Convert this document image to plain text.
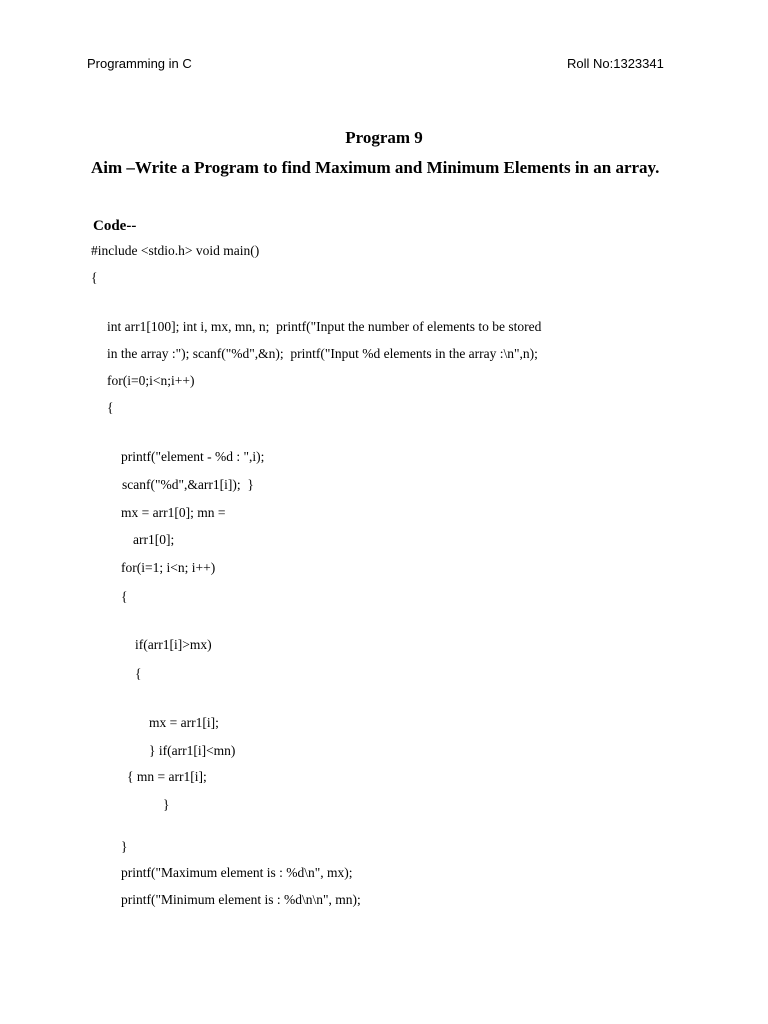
Programming in C	Roll No:1323341
Program 9
Aim –Write a Program to find Maximum and Minimum Elements in an array.
Code--
#include <stdio.h> void main()
{
int arr1[100]; int i, mx, mn, n;  printf("Input the number of elements to be stored
in the array :"); scanf("%d",&n);  printf("Input %d elements in the array :\n",n);
for(i=0;i<n;i++)
{
printf("element - %d : ",i);
scanf("%d",&arr1[i]);  }
mx = arr1[0]; mn =
arr1[0];
for(i=1; i<n; i++)
{
if(arr1[i]>mx)
{
mx = arr1[i];
} if(arr1[i]<mn)
{ mn = arr1[i];
}
}
printf("Maximum element is : %d\n", mx);
printf("Minimum element is : %d\n\n", mn);
